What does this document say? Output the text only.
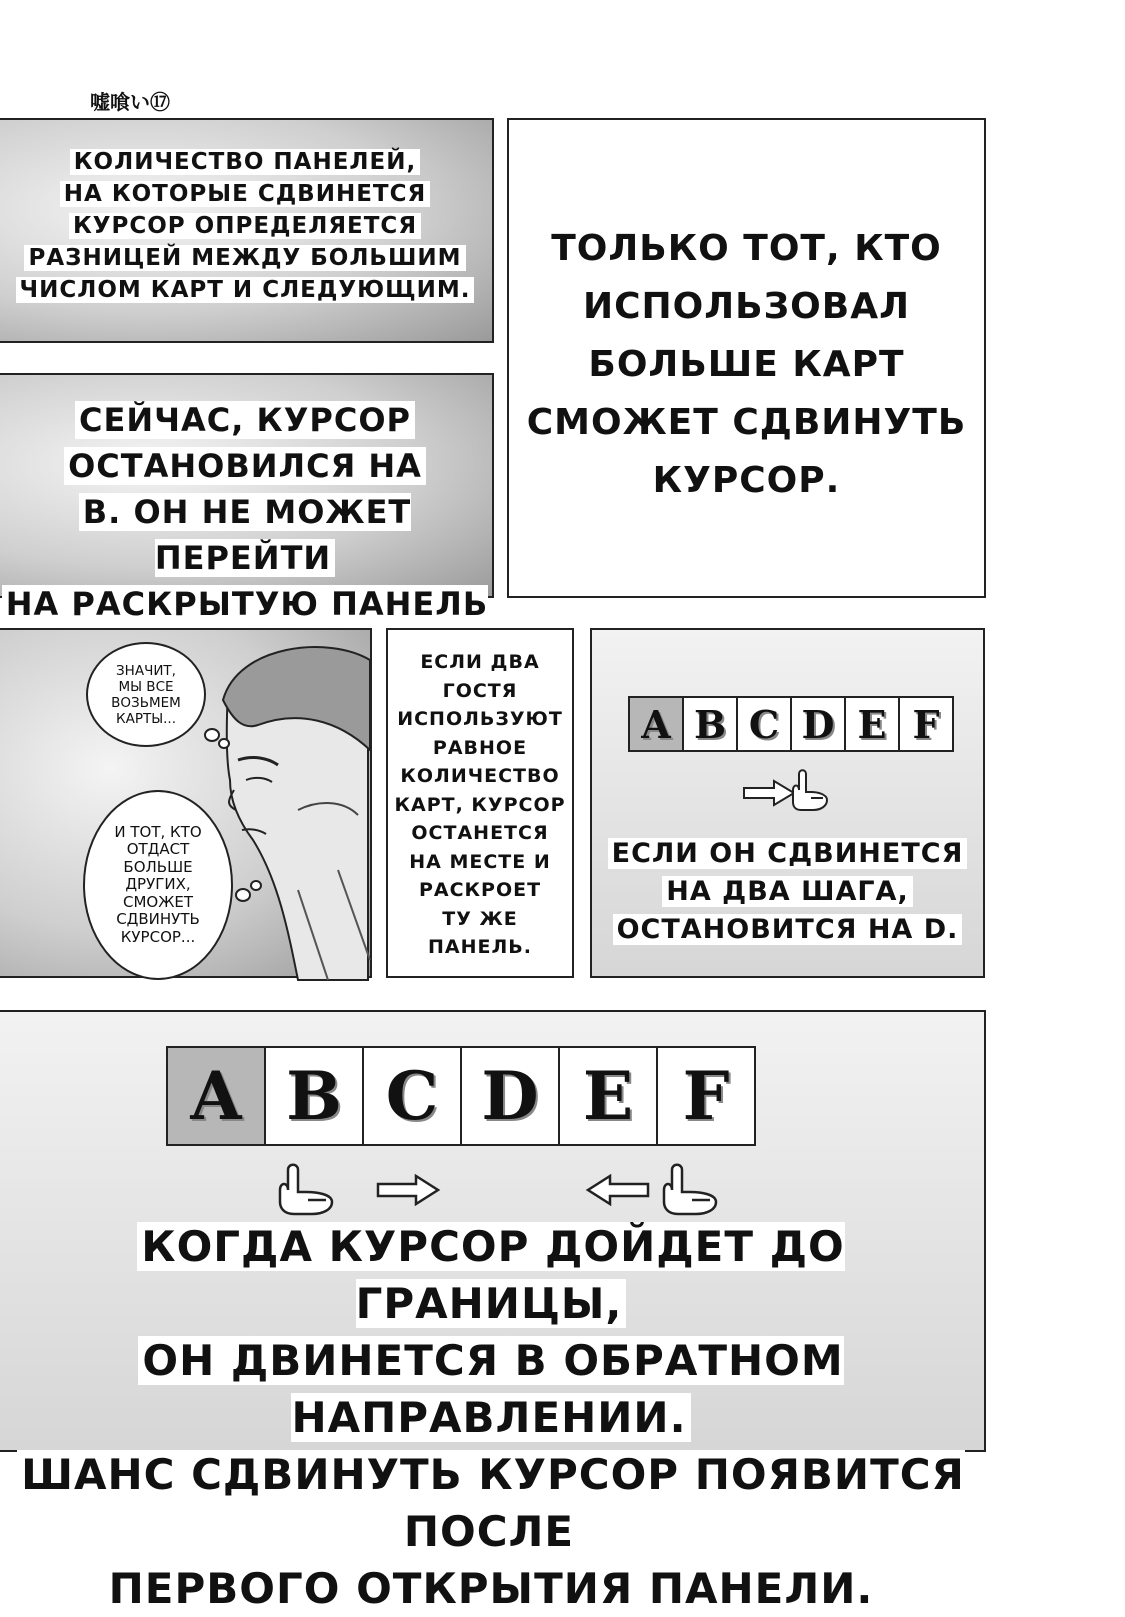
嘘喰い⑰
КОЛИЧЕСТВО ПАНЕЛЕЙ,
НА КОТОРЫЕ СДВИНЕТСЯ
КУРСОР ОПРЕДЕЛЯЕТСЯ
РАЗНИЦЕЙ МЕЖДУ БОЛЬШИМ
ЧИСЛОМ КАРТ И СЛЕДУЮЩИМ.
СЕЙЧАС, КУРСОР
ОСТАНОВИЛСЯ НА
В. ОН НЕ МОЖЕТ ПЕРЕЙТИ
НА РАСКРЫТУЮ ПАНЕЛЬ
ТОЛЬКО ТОТ, КТО
ИСПОЛЬЗОВАЛ
БОЛЬШЕ КАРТ
СМОЖЕТ СДВИНУТЬ
КУРСОР.
ЗНАЧИТ,
МЫ ВСЕ
ВОЗЬМЕМ
КАРТЫ...
И ТОТ, КТО
ОТДАСТ
БОЛЬШЕ
ДРУГИХ,
СМОЖЕТ
СДВИНУТЬ
КУРСОР...
ЕСЛИ ДВА
ГОСТЯ
ИСПОЛЬЗУЮТ
РАВНОЕ
КОЛИЧЕСТВО
КАРТ, КУРСОР
ОСТАНЕТСЯ
НА МЕСТЕ И
РАСКРОЕТ
ТУ ЖЕ ПАНЕЛЬ.
A B C D E F
ЕСЛИ ОН СДВИНЕТСЯ
НА ДВА ШАГА,
ОСТАНОВИТСЯ НА D.
A B C D E F
КОГДА КУРСОР ДОЙДЕТ ДО ГРАНИЦЫ,
ОН ДВИНЕТСЯ В ОБРАТНОМ НАПРАВЛЕНИИ.
ШАНС СДВИНУТЬ КУРСОР ПОЯВИТСЯ ПОСЛЕ
ПЕРВОГО ОТКРЫТИЯ ПАНЕЛИ.
